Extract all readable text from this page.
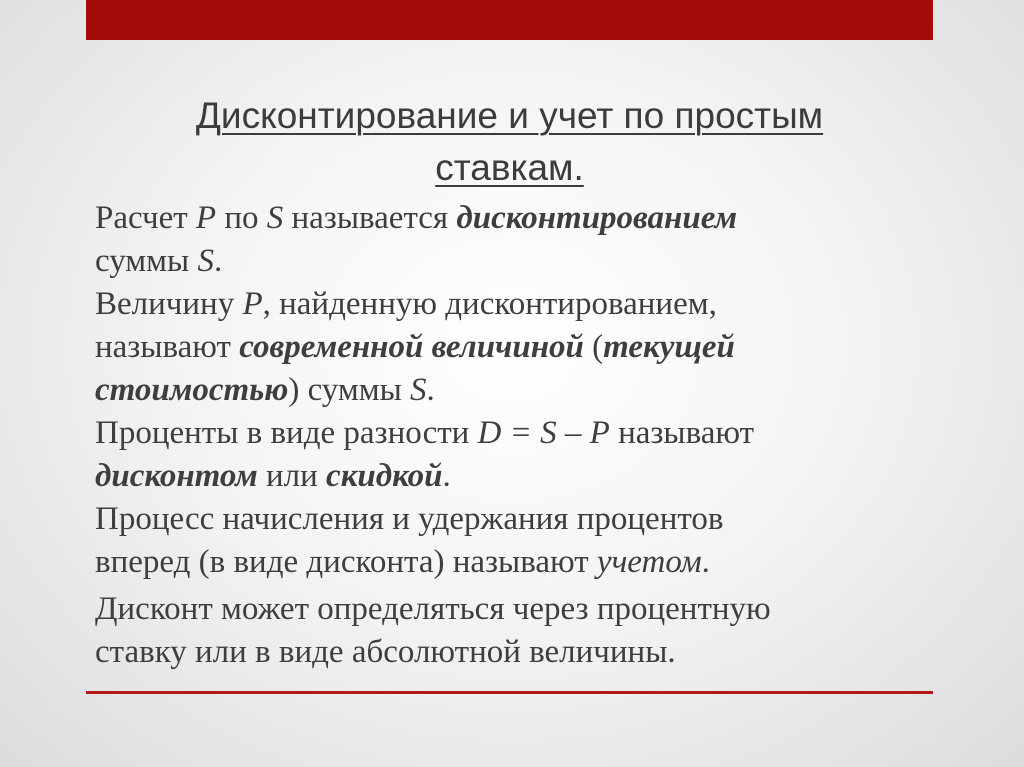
Дисконтирование и учет по простым
ставкам.

Расчет P по S называется дисконтированием
суммы S.

Величину P, найденную дисконтированием,
называют современной величиной (текущей
стоимостью) суммы S.

Проценты в виде разности D = S – P называют
дисконтом или скидкой.

Процесс начисления и удержания процентов
вперед (в виде дисконта) называют учетом.

Дисконт может определяться через процентную
ставку или в виде абсолютной величины.
